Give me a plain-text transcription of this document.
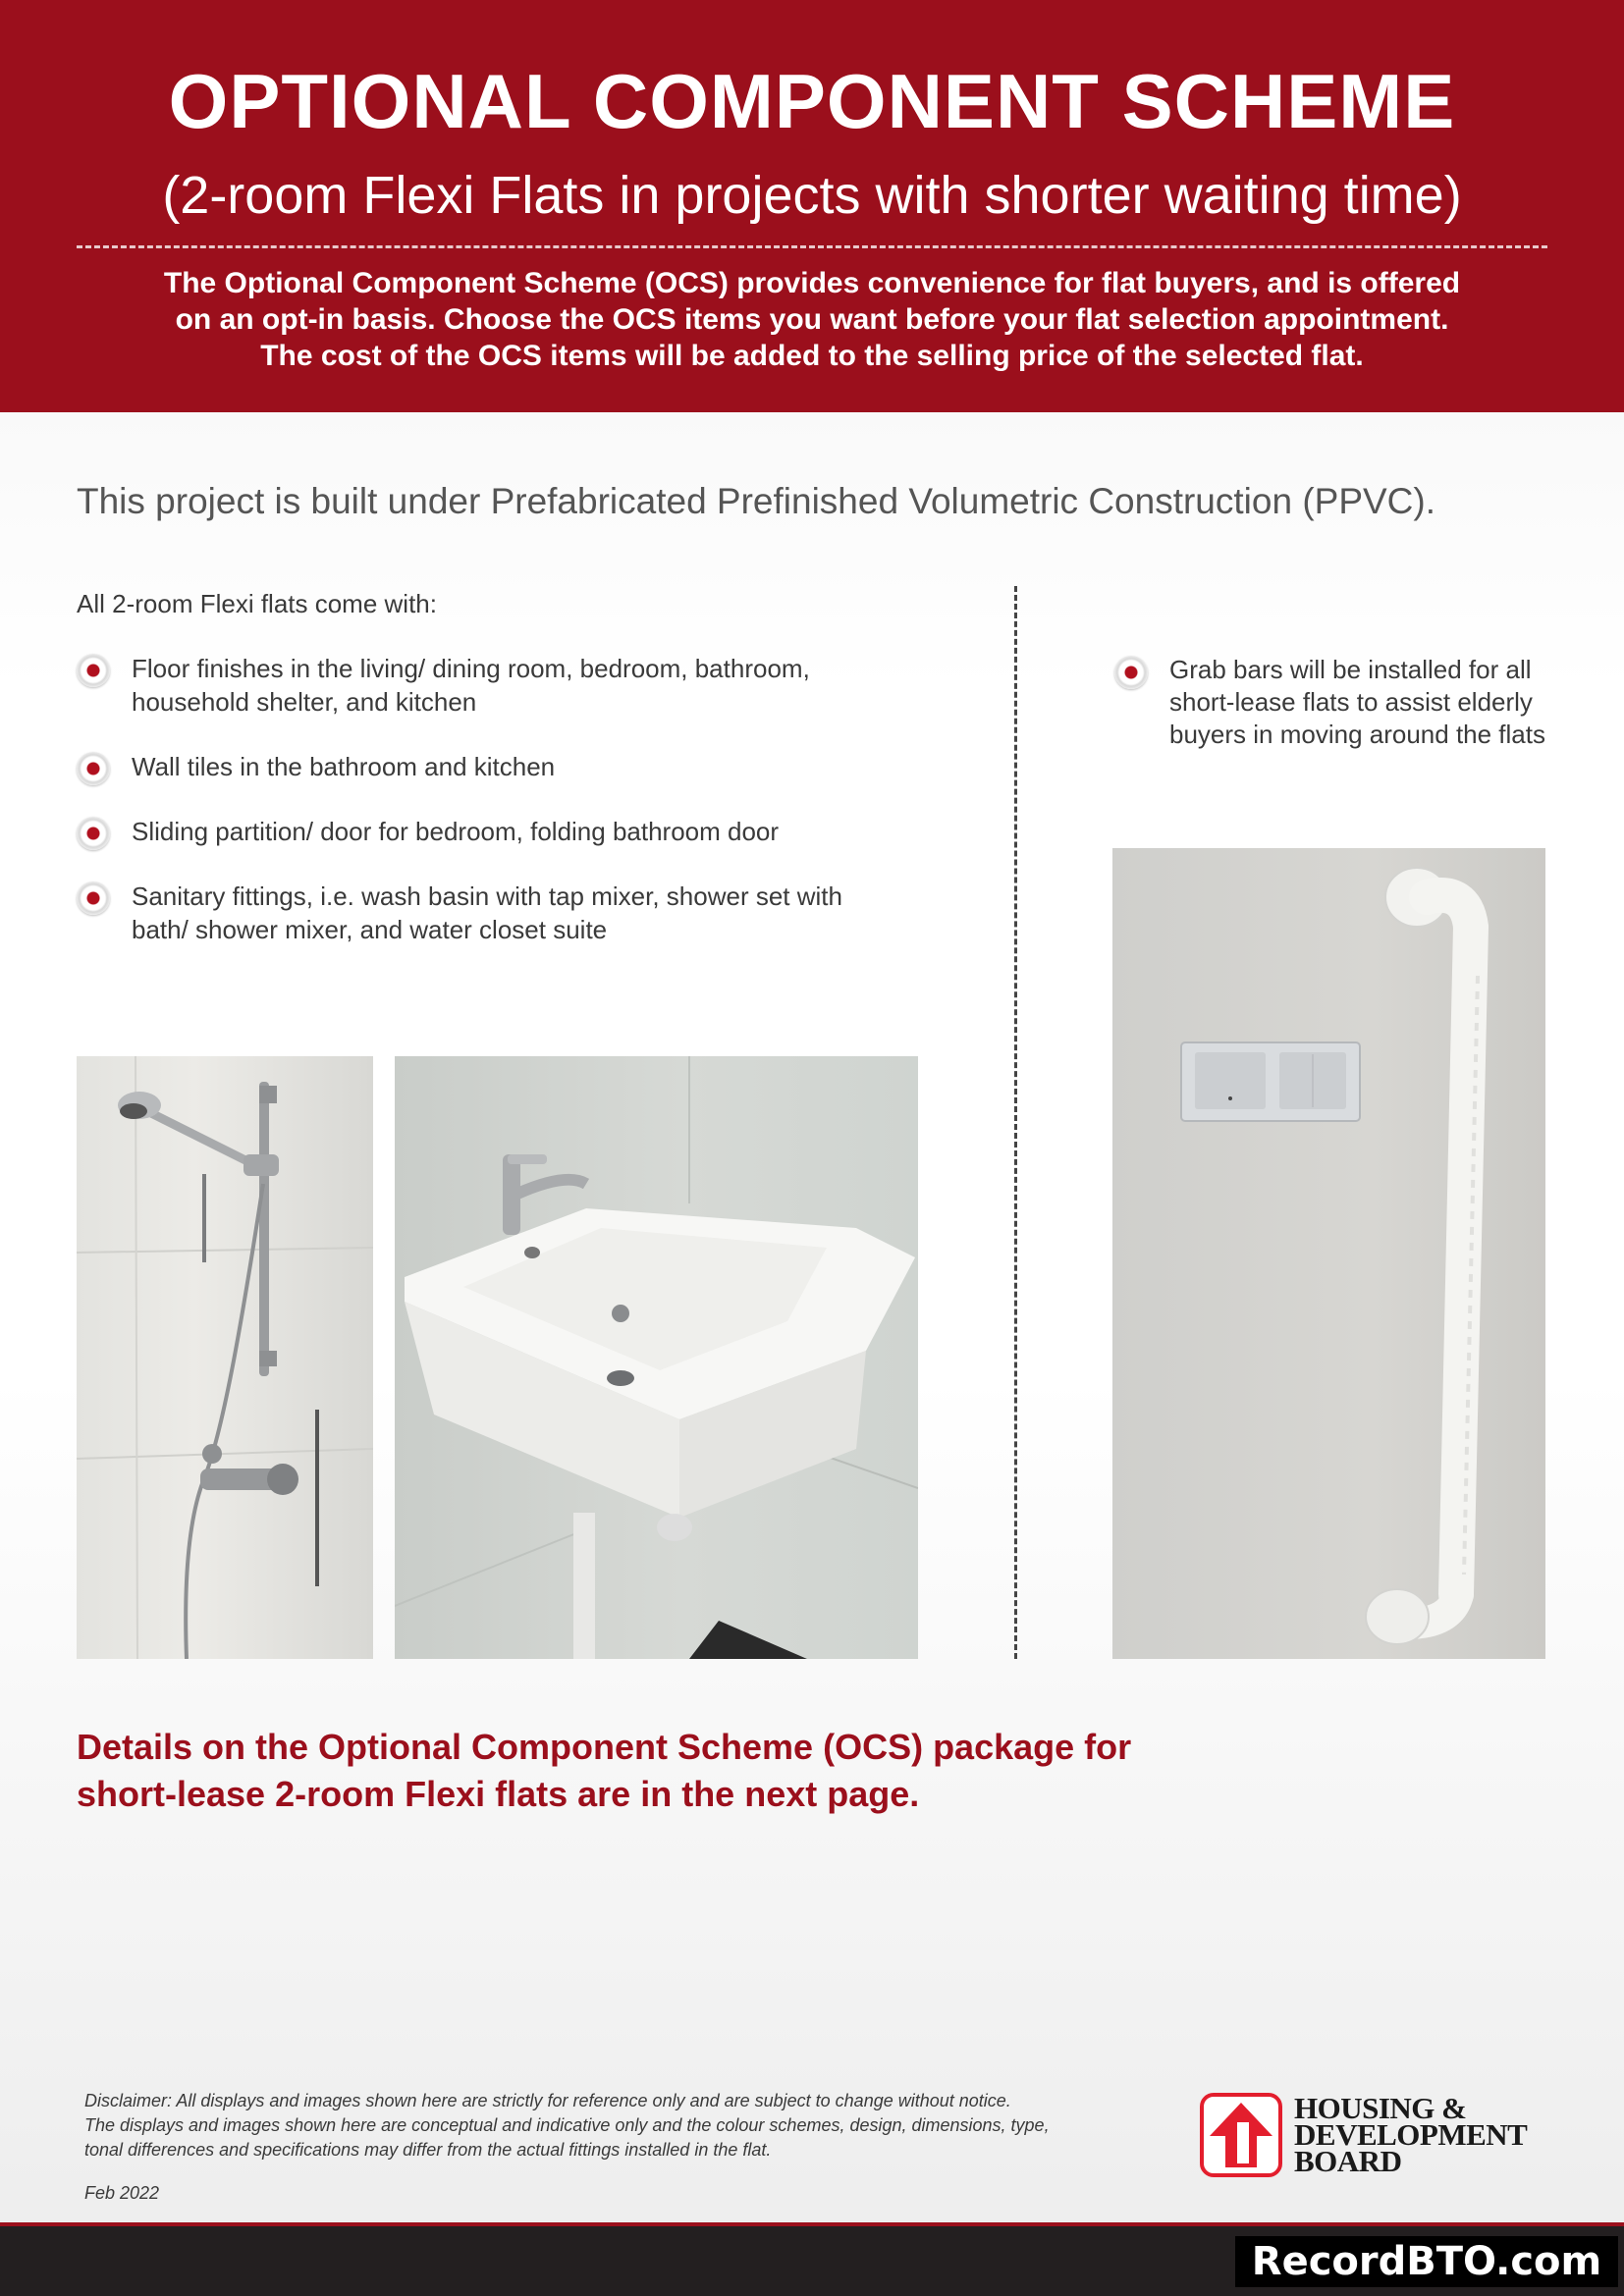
OPTIONAL COMPONENT SCHEME
(2-room Flexi Flats in projects with shorter waiting time)
The Optional Component Scheme (OCS) provides convenience for flat buyers, and is offered
on an opt-in basis. Choose the OCS items you want before your flat selection appointment.
The cost of the OCS items will be added to the selling price of the selected flat.
This project is built under Prefabricated Prefinished Volumetric Construction (PPVC).
All 2-room Flexi flats come with:
Floor finishes in the living/ dining room, bedroom, bathroom, household shelter, and kitchen
Wall tiles in the bathroom and kitchen
Sliding partition/ door for bedroom, folding bathroom door
Sanitary fittings, i.e. wash basin with tap mixer, shower set with bath/ shower mixer, and water closet suite
Grab bars will be installed for all short-lease flats to assist elderly buyers in moving around the flats
Details on the Optional Component Scheme (OCS) package for
short-lease 2-room Flexi flats are in the next page.
Disclaimer: All displays and images shown here are strictly for reference only and are subject to change without notice.
The displays and images shown here are conceptual and indicative only and the colour schemes, design, dimensions, type,
tonal differences and specifications may differ from the actual fittings installed in the flat.
Feb 2022
HOUSING &
DEVELOPMENT
BOARD
RecordBTO.com
